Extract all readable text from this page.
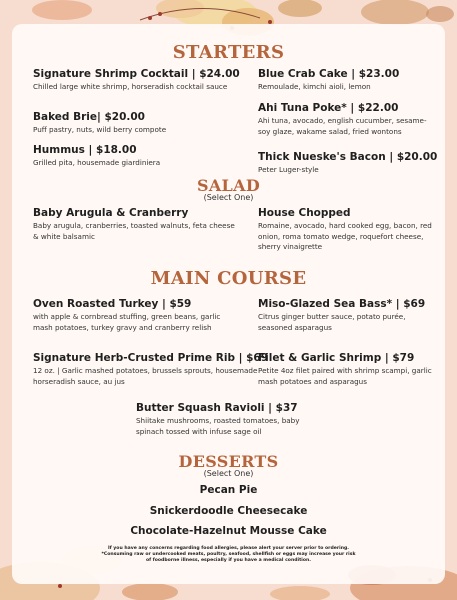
STARTERS
Signature Shrimp Cocktail | $24.00
Chilled large white shrimp, horseradish cocktail sauce
Blue Crab Cake | $23.00
Remoulade, kimchi aioli, lemon
Baked Brie| $20.00
Puff pastry, nuts, wild berry compote
Ahi Tuna Poke* | $22.00
Ahi tuna, avocado, english cucumber, sesame-soy glaze, wakame salad, fried wontons
Hummus | $18.00
Grilled pita, housemade giardiniera	Thick Nueske's Bacon | $20.00
Peter Luger-style
SALAD
(Select One)
Baby Arugula & Cranberry
Baby arugula, cranberries, toasted walnuts, feta cheese & white balsamic
House Chopped
Romaine, avocado, hard cooked egg, bacon, red onion, roma tomato wedge, roquefort cheese, sherry vinaigrette
MAIN COURSE
Oven Roasted Turkey | $59
with apple & cornbread stuffing, green beans, garlic mash potatoes, turkey gravy and cranberry relish
Miso-Glazed Sea Bass* | $69
Citrus ginger butter sauce, potato purée, seasoned asparagus
Signature Herb-Crusted Prime Rib | $69
12 oz. | Garlic mashed potatoes, brussels sprouts, housemade horseradish sauce, au jus
Filet & Garlic Shrimp | $79
Petite 4oz filet paired with shrimp scampi, garlic mash potatoes and asparagus
Butter Squash Ravioli | $37
Shiitake mushrooms, roasted tomatoes, baby spinach tossed with infuse sage oil
DESSERTS
(Select One)
Pecan Pie
Snickerdoodle Cheesecake
Chocolate-Hazelnut Mousse Cake
If you have any concerns regarding food allergies, please alert your server prior to ordering. *Consuming raw or undercooked meats, poultry, seafood, shellfish or eggs may increase your risk of foodborne illness, especially if you have a medical condition.
